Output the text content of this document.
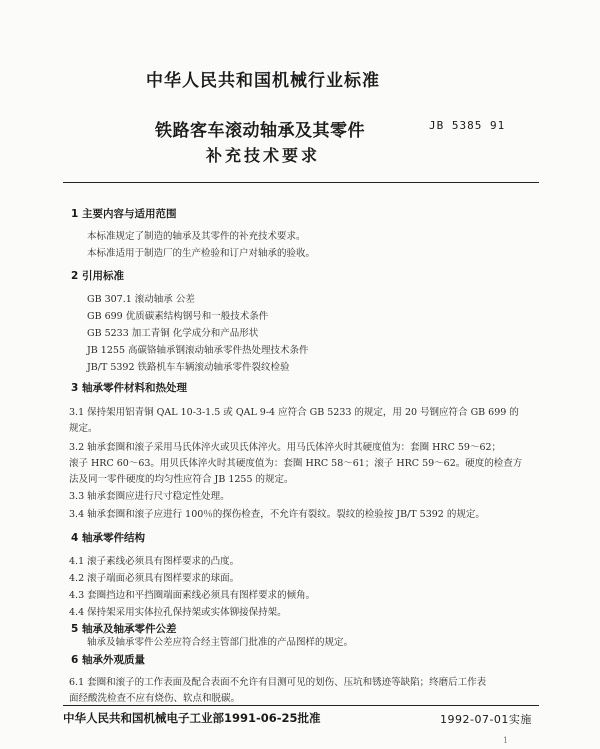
中华人民共和国机械行业标准
铁路客车滚动轴承及其零件
补充技术要求
JB 5385 91
1 主要内容与适用范围
本标准规定了制造的轴承及其零件的补充技术要求。
本标准适用于制造厂的生产检验和订户对轴承的验收。
2 引用标准
GB 307.1 滚动轴承 公差
GB 699 优质碳素结构钢号和一般技术条件
GB 5233 加工青铜 化学成分和产品形状
JB 1255 高碳铬轴承钢滚动轴承零件热处理技术条件
JB/T 5392 铁路机车车辆滚动轴承零件裂纹检验
3 轴承零件材料和热处理
3.1 保持架用铝青铜 QAL 10-3-1.5 或 QAL 9-4 应符合 GB 5233 的规定，用 20 号钢应符合 GB 699 的
规定。
3.2 轴承套圈和滚子采用马氏体淬火或贝氏体淬火。用马氏体淬火时其硬度值为：套圈 HRC 59～62；
滚子 HRC 60～63。用贝氏体淬火时其硬度值为：套圈 HRC 58～61；滚子 HRC 59～62。硬度的检查方
法及同一零件硬度的均匀性应符合 JB 1255 的规定。
3.3 轴承套圈应进行尺寸稳定性处理。
3.4 轴承套圈和滚子应进行 100％的探伤检查，不允许有裂纹。裂纹的检验按 JB/T 5392 的规定。
4 轴承零件结构
4.1 滚子素线必须具有图样要求的凸度。
4.2 滚子端面必须具有图样要求的球面。
4.3 套圈挡边和平挡圈端面素线必须具有图样要求的倾角。
4.4 保持架采用实体拉孔保持架或实体铆接保持架。
5 轴承及轴承零件公差
轴承及轴承零件公差应符合经主管部门批准的产品图样的规定。
6 轴承外观质量
6.1 套圈和滚子的工作表面及配合表面不允许有目测可见的划伤、压坑和锈迹等缺陷；终磨后工作表
面经酸洗检查不应有烧伤、软点和脱碳。
中华人民共和国机械电子工业部1991-06-25批准	1992-07-01实施
1
